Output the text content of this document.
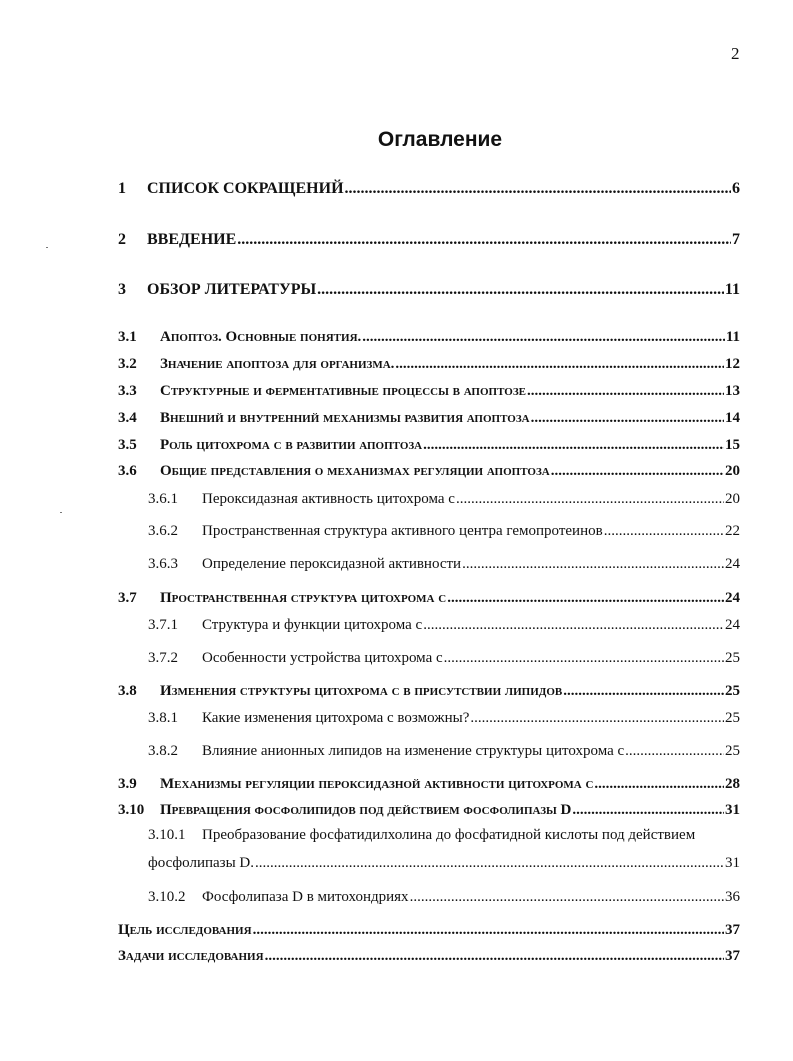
2
Оглавление
1 СПИСОК СОКРАЩЕНИЙ .....	6
2 ВВЕДЕНИЕ .....	7
3 ОБЗОР ЛИТЕРАТУРЫ .....	11
3.1 Апоптоз. Основные понятия. .....	11
3.2 Значение апоптоза для организма. .....	12
3.3 Структурные и ферментативные процессы в апоптозе .....	13
3.4 Внешний и внутренний механизмы развития апоптоза .....	14
3.5 Роль цитохрома c в развитии апоптоза .....	15
3.6 Общие представления о механизмах регуляции апоптоза .....	20
3.6.1 Пероксидазная активность цитохрома с .....	20
3.6.2 Пространственная структура активного центра гемопротеинов .....	22
3.6.3 Определение пероксидазной активности .....	24
3.7 Пространственная структура цитохрома c .....	24
3.7.1 Структура и функции цитохрома с .....	24
3.7.2 Особенности устройства цитохрома с .....	25
3.8 Изменения структуры цитохрома c в присутствии липидов .....	25
3.8.1 Какие изменения цитохрома с возможны? .....	25
3.8.2 Влияние анионных липидов на изменение структуры цитохрома с .....	25
3.9 Механизмы регуляции пероксидазной активности цитохрома c .....	28
3.10 Превращения фосфолипидов под действием фосфолипазы D .....	31
3.10.1 Преобразование фосфатидилхолина до фосфатидной кислоты под действием
фосфолипазы D. .....	31
3.10.2 Фосфолипаза D в митохондриях .....	36
Цель исследования .....	37
Задачи исследования .....	37
